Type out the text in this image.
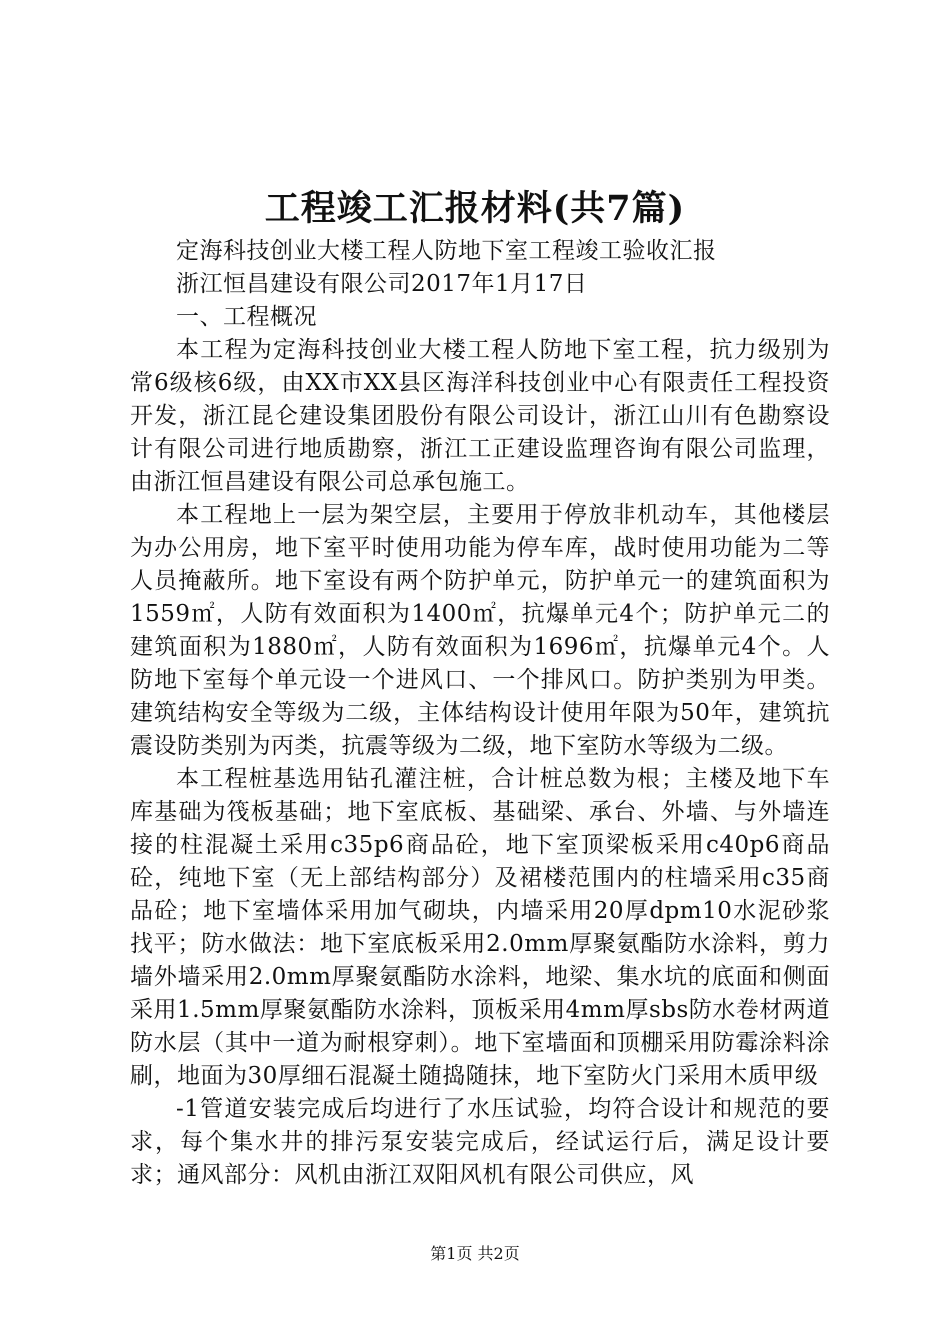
工程竣工汇报材料(共7篇)

定海科技创业大楼工程人防地下室工程竣工验收汇报

浙江恒昌建设有限公司2017年1月17日

一、工程概况

本工程为定海科技创业大楼工程人防地下室工程，抗力级别为常6级核6级，由XX市XX县区海洋科技创业中心有限责任工程投资开发，浙江昆仑建设集团股份有限公司设计，浙江山川有色勘察设计有限公司进行地质勘察，浙江工正建设监理咨询有限公司监理，由浙江恒昌建设有限公司总承包施工。

本工程地上一层为架空层，主要用于停放非机动车，其他楼层为办公用房，地下室平时使用功能为停车库，战时使用功能为二等人员掩蔽所。地下室设有两个防护单元，防护单元一的建筑面积为1559㎡，人防有效面积为1400㎡，抗爆单元4个；防护单元二的建筑面积为1880㎡，人防有效面积为1696㎡，抗爆单元4个。人防地下室每个单元设一个进风口、一个排风口。防护类别为甲类。建筑结构安全等级为二级，主体结构设计使用年限为50年，建筑抗震设防类别为丙类，抗震等级为二级，地下室防水等级为二级。

本工程桩基选用钻孔灌注桩，合计桩总数为根；主楼及地下车库基础为筏板基础；地下室底板、基础梁、承台、外墙、与外墙连接的柱混凝土采用c35p6商品砼，地下室顶梁板采用c40p6商品砼，纯地下室（无上部结构部分）及裙楼范围内的柱墙采用c35商品砼；地下室墙体采用加气砌块，内墙采用20厚dpm10水泥砂浆找平；防水做法：地下室底板采用2.0mm厚聚氨酯防水涂料，剪力墙外墙采用2.0mm厚聚氨酯防水涂料，地梁、集水坑的底面和侧面采用1.5mm厚聚氨酯防水涂料，顶板采用4mm厚sbs防水卷材两道防水层（其中一道为耐根穿刺）。地下室墙面和顶棚采用防霉涂料涂刷，地面为30厚细石混凝土随捣随抹，地下室防火门采用木质甲级

-1管道安装完成后均进行了水压试验，均符合设计和规范的要求，每个集水井的排污泵安装完成后，经试运行后，满足设计要求；通风部分：风机由浙江双阳风机有限公司供应，风

第1页 共2页
